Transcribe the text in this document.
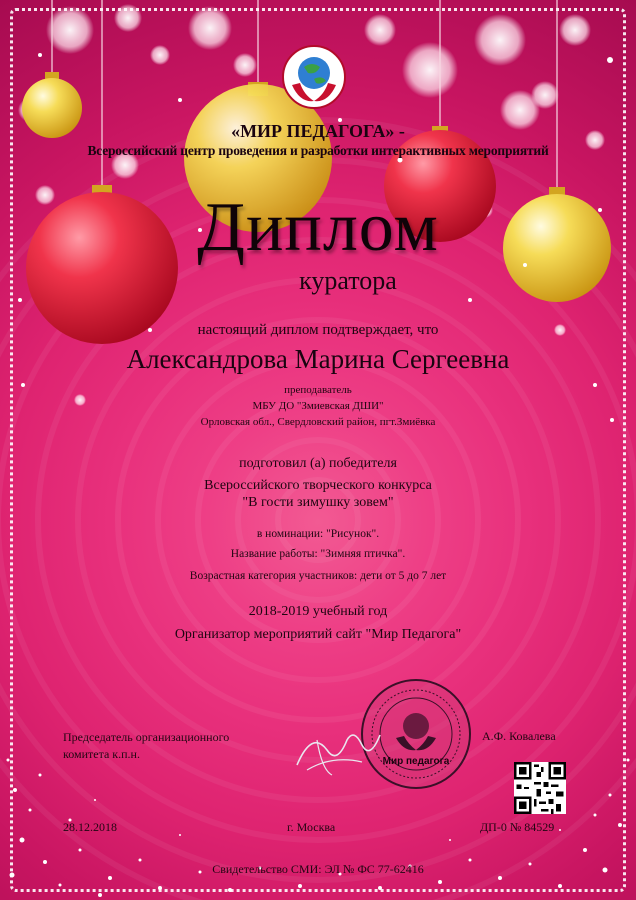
«МИР ПЕДАГОГА» -
Всероссийский центр проведения и разработки интерактивных мероприятий
Диплом
куратора
настоящий диплом подтверждает, что
Александрова Марина Сергеевна
преподаватель
МБУ ДО "Змиевская ДШИ"
Орловская обл., Свердловский район, пгт.Змиёвка
подготовил (а) победителя
Всероссийского творческого конкурса
"В гости зимушку зовем"
в номинации: "Рисунок".
Название работы: "Зимняя птичка".
Возрастная категория участников: дети от 5 до 7 лет
2018-2019 учебный год
Организатор мероприятий сайт "Мир Педагога"
Мир педагога
Председатель организационного
комитета к.п.н.
А.Ф. Ковалева
28.12.2018	г. Москва	ДП-0 № 84529
Свидетельство СМИ: ЭЛ № ФС 77-62416
